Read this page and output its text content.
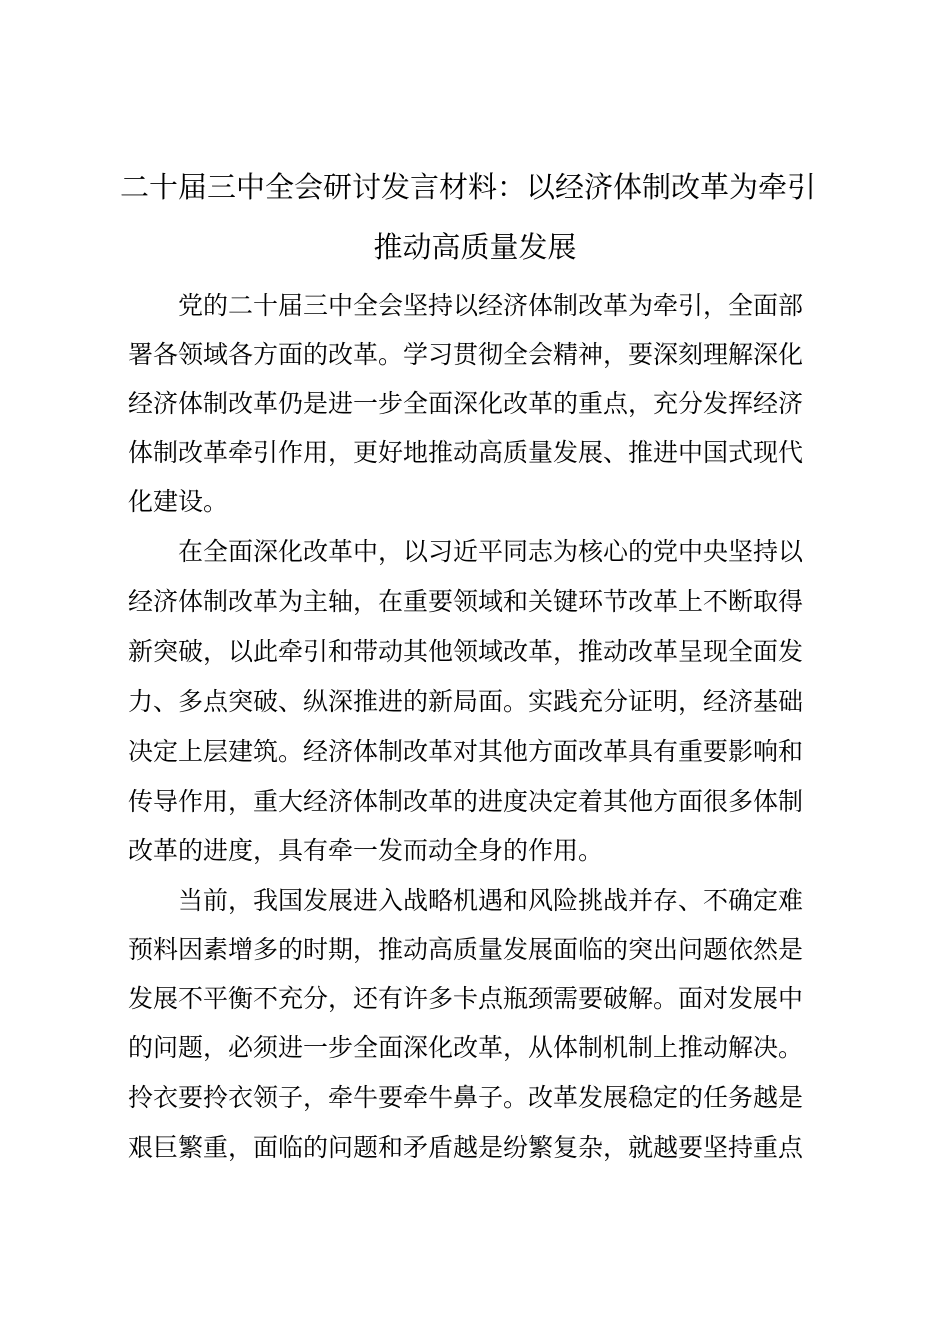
二十届三中全会研讨发言材料：以经济体制改革为牵引
推动高质量发展

党的二十届三中全会坚持以经济体制改革为牵引，全面部

署各领域各方面的改革。学习贯彻全会精神，要深刻理解深化

经济体制改革仍是进一步全面深化改革的重点，充分发挥经济

体制改革牵引作用，更好地推动高质量发展、推进中国式现代

化建设。

在全面深化改革中，以习近平同志为核心的党中央坚持以

经济体制改革为主轴，在重要领域和关键环节改革上不断取得

新突破，以此牵引和带动其他领域改革，推动改革呈现全面发

力、多点突破、纵深推进的新局面。实践充分证明，经济基础

决定上层建筑。经济体制改革对其他方面改革具有重要影响和

传导作用，重大经济体制改革的进度决定着其他方面很多体制

改革的进度，具有牵一发而动全身的作用。

当前，我国发展进入战略机遇和风险挑战并存、不确定难

预料因素增多的时期，推动高质量发展面临的突出问题依然是

发展不平衡不充分，还有许多卡点瓶颈需要破解。面对发展中

的问题，必须进一步全面深化改革，从体制机制上推动解决。

拎衣要拎衣领子，牵牛要牵牛鼻子。改革发展稳定的任务越是

艰巨繁重，面临的问题和矛盾越是纷繁复杂，就越要坚持重点
